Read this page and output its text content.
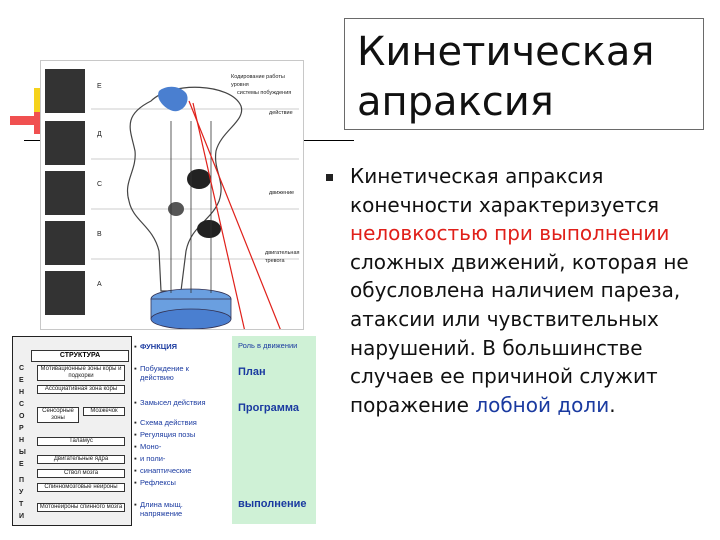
Кинетическая апраксия

Кинетическая апраксия конечности характеризуется неловкостью при выполнении сложных движений, которая не обусловлена наличием пареза, атаксии или чувствительных нарушений. В большинстве случаев ее причиной служит поражение лобной доли.

Е
Д
С
В
А
Кодирование работы уровня
системы побуждения
действие
движение
двигательная тревога
СТРУКТУРА
С
Е
Н
С
О
Р
Н
Ы
Е
П
У
Т
И
Мотивационные зоны коры и подкорки
Ассоциативная зона коры
Сенсорные зоны
Мозжечок
Таламус
Двигательные ядра
Ствол мозга
Спинномозговые нейроны
Мотонейроны спинного мозга
▪ ФУНКЦИЯ
▪ Побуждение к действию
▪ Замысел действия
▪ Схема действия
▪ Регуляция позы
▪ Моно-
▪ и поли-
▪ синаптические
▪ Рефлексы
▪ Длина мыщ. напряжение
Роль в движении
План
Программа
выполнение
